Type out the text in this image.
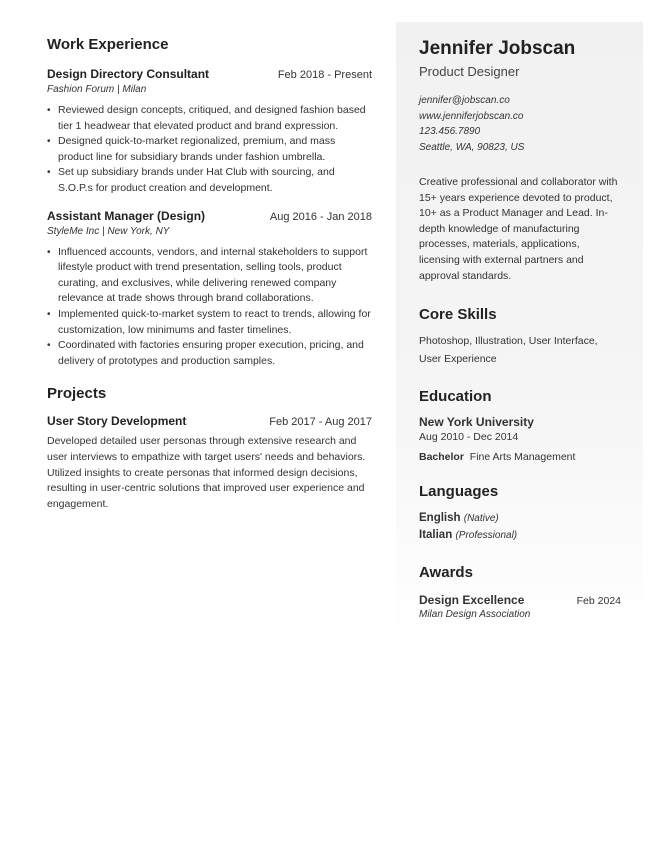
Work Experience
Design Directory Consultant	Feb 2018 - Present
Fashion Forum | Milan
• Reviewed design concepts, critiqued, and designed fashion based tier 1 headwear that elevated product and brand expression.
• Designed quick-to-market regionalized, premium, and mass product line for subsidiary brands under fashion umbrella.
• Set up subsidiary brands under Hat Club with sourcing, and S.O.P.s for product creation and development.
Assistant Manager (Design)	Aug 2016 - Jan 2018
StyleMe Inc | New York, NY
• Influenced accounts, vendors, and internal stakeholders to support lifestyle product with trend presentation, selling tools, product curating, and exclusives, while delivering renewed company relevance at trade shows through brand collaborations.
• Implemented quick-to-market system to react to trends, allowing for customization, low minimums and faster timelines.
• Coordinated with factories ensuring proper execution, pricing, and delivery of prototypes and production samples.
Projects
User Story Development	Feb 2017 - Aug 2017
Developed detailed user personas through extensive research and user interviews to empathize with target users' needs and behaviors. Utilized insights to create personas that informed design decisions, resulting in user-centric solutions that improved user experience and engagement.
Jennifer Jobscan
Product Designer
jennifer@jobscan.co
www.jenniferjobscan.co
123.456.7890
Seattle, WA, 90823, US
Creative professional and collaborator with 15+ years experience devoted to product, 10+ as a Product Manager and Lead. In-depth knowledge of manufacturing processes, materials, applications, licensing with external partners and approval standards.
Core Skills
Photoshop, Illustration, User Interface, User Experience
Education
New York University
Aug 2010 - Dec 2014
Bachelor Fine Arts Management
Languages
English (Native)
Italian (Professional)
Awards
Design Excellence	Feb 2024
Milan Design Association
